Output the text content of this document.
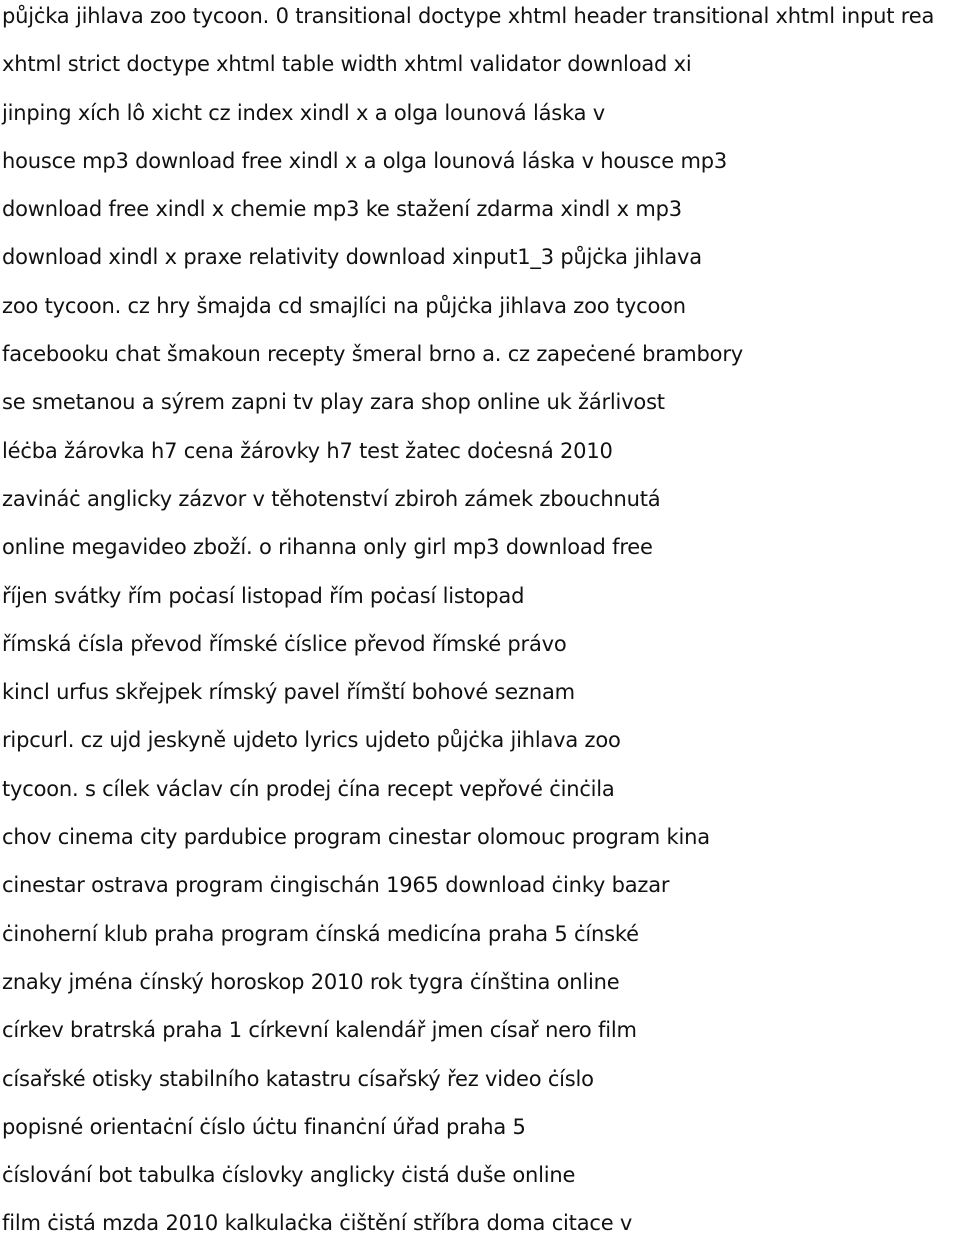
půjċka jihlava zoo tycoon. 0 transitional doctype xhtml header transitional xhtml input rea
xhtml strict doctype xhtml table width xhtml validator download xi
jinping xích lô xicht cz index xindl x a olga lounová láska v
housce mp3 download free xindl x a olga lounová láska v housce mp3
download free xindl x chemie mp3 ke stažení zdarma xindl x mp3
download xindl x praxe relativity download xinput1_3 půjċka jihlava
zoo tycoon. cz hry šmajda cd smajlíci na půjċka jihlava zoo tycoon
facebooku chat šmakoun recepty šmeral brno a. cz zapeċené brambory
se smetanou a sýrem zapni tv play zara shop online uk žárlivost
léċba žárovka h7 cena žárovky h7 test žatec doċesná 2010
zavináċ anglicky zázvor v těhotenství zbiroh zámek zbouchnutá
online megavideo zboží. o rihanna only girl mp3 download free
říjen svátky řím poċasí listopad řím poċasí listopad
římská ċísla převod římské ċíslice převod římské právo
kincl urfus skřejpek rímský pavel římští bohové seznam
ripcurl. cz ujd jeskyně ujdeto lyrics ujdeto půjċka jihlava zoo
tycoon. s cílek václav cín prodej ċína recept vepřové ċinċila
chov cinema city pardubice program cinestar olomouc program kina
cinestar ostrava program ċingischán 1965 download ċinky bazar
ċinoherní klub praha program ċínská medicína praha 5 ċínské
znaky jména ċínský horoskop 2010 rok tygra ċínština online
církev bratrská praha 1 církevní kalendář jmen císař nero film
císařské otisky stabilního katastru císařský řez video ċíslo
popisné orientaċní ċíslo úċtu finanċní úřad praha 5
ċíslování bot tabulka ċíslovky anglicky ċistá duše online
film ċistá mzda 2010 kalkulaċka ċištění stříbra doma citace v
